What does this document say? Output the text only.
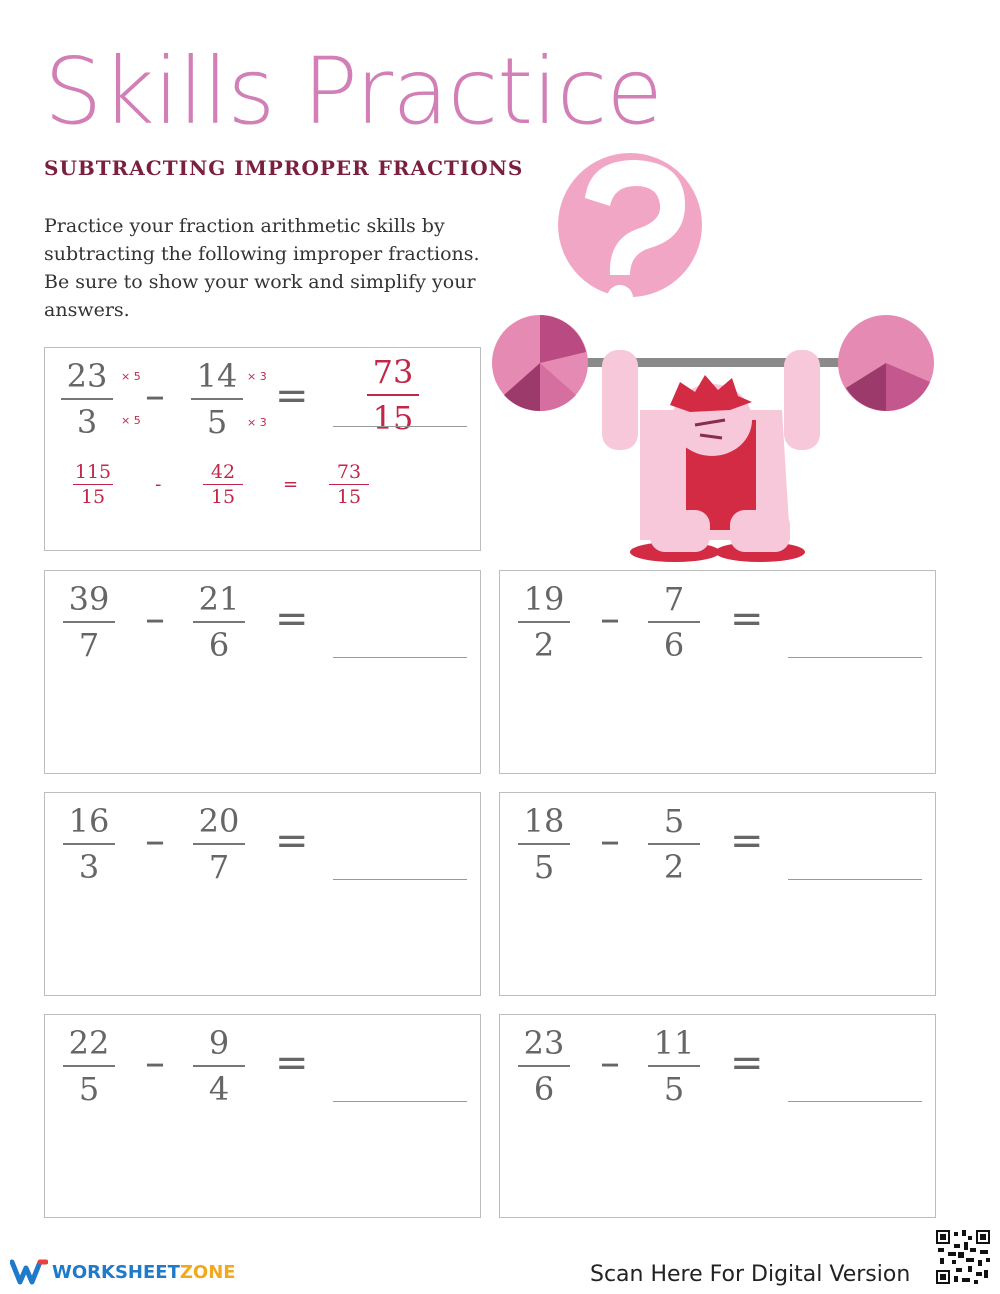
Skills Practice
SUBTRACTING IMPROPER FRACTIONS

Practice your fraction arithmetic skills by subtracting the following improper fractions. Be sure to show your work and simplify your answers.

$\frac{23}{3} \times 5$
× 5
– $\frac{14}{5} \times 3$
× 3
= $\frac{73}{15}$
$\frac{115}{15} - \frac{42}{15} = \frac{73}{15}$
$\frac{39}{7} - \frac{21}{6}$ =	$\frac{19}{2} - \frac{7}{6}$ =
$\frac{16}{3} - \frac{20}{7}$ =	$\frac{18}{5} - \frac{5}{2}$ =
$\frac{22}{5} - \frac{9}{4}$ =	$\frac{23}{6} - \frac{11}{5}$ =
WORKSHEET ZONE	Scan Here For Digital Version
